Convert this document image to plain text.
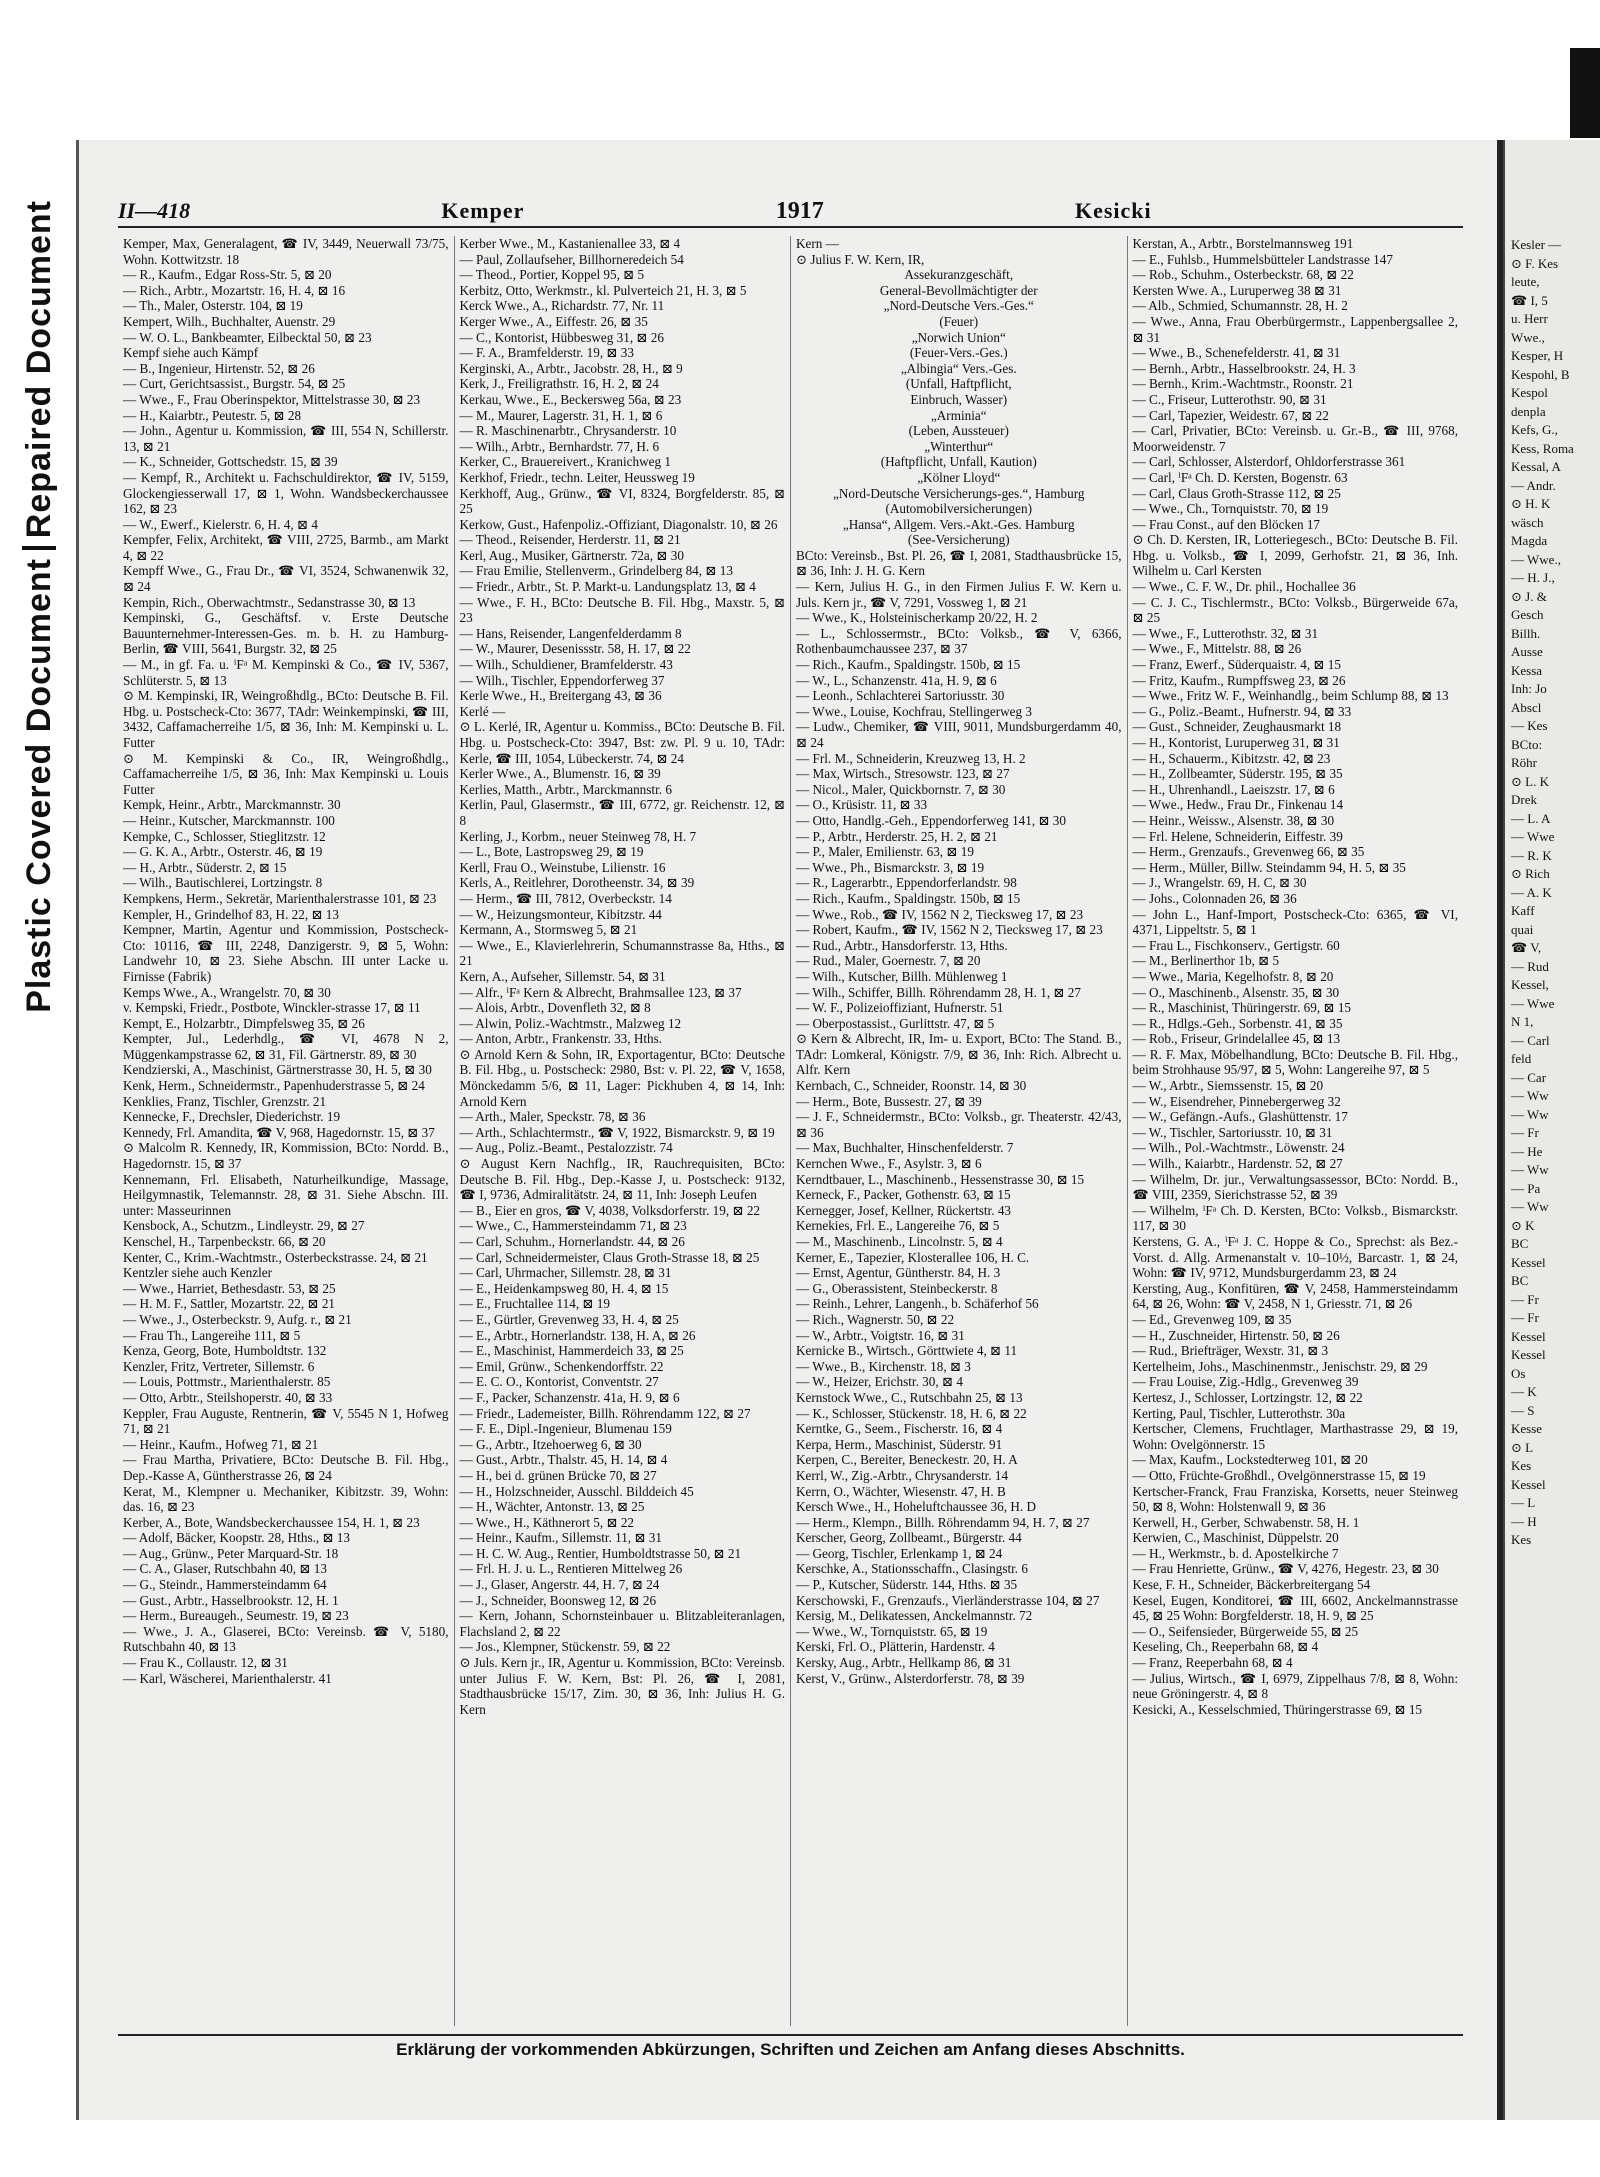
Repaired Document
Plastic Covered Document
Kesler —
⊙ F. Kes
leute,
☎ I, 5
u. Herr
Wwe.,
Kesper, H
Kespohl, B
Kespol
denpla
Kefs, G.,
Kess, Roma
Kessal, A
— Andr.
⊙ H. K
wäsch
Magda
— Wwe.,
— H. J.,
⊙ J. &
Gesch
Billh.
Ausse
Kessa
Inh: Jo
Abscl
— Kes
BCto:
Röhr
⊙ L. K
Drek
— L. A
— Wwe
— R. K
⊙ Rich
— A. K
Kaff
quai
☎ V,
— Rud
Kessel,
— Wwe
N 1,
— Carl
feld
— Car
— Ww
— Ww
— Fr
— He
— Ww
— Pa
— Ww
⊙ K
BC
Kessel
BC
— Fr
— Fr
Kessel
Kessel
Os
— K
— S
Kesse
⊙ L
Kes
Kessel
— L
— H
Kes
II—418	Kemper	1917	Kesicki
Kemper, Max, Generalagent, ☎ IV, 3449, Neuerwall 73/75, Wohn. Kottwitzstr. 18
— R., Kaufm., Edgar Ross-Str. 5, ⊠ 20
— Rich., Arbtr., Mozartstr. 16, H. 4, ⊠ 16
— Th., Maler, Osterstr. 104, ⊠ 19
Kempert, Wilh., Buchhalter, Auenstr. 29
— W. O. L., Bankbeamter, Eilbecktal 50, ⊠ 23
Kempf siehe auch Kämpf
— B., Ingenieur, Hirtenstr. 52, ⊠ 26
— Curt, Gerichtsassist., Burgstr. 54, ⊠ 25
— Wwe., F., Frau Oberinspektor, Mittelstrasse 30, ⊠ 23
— H., Kaiarbtr., Peutestr. 5, ⊠ 28
— John., Agentur u. Kommission, ☎ III, 554 N, Schillerstr. 13, ⊠ 21
— K., Schneider, Gottschedstr. 15, ⊠ 39
— Kempf, R., Architekt u. Fachschuldirektor, ☎ IV, 5159, Glockengiesserwall 17, ⊠ 1, Wohn. Wandsbeckerchaussee 162, ⊠ 23
— W., Ewerf., Kielerstr. 6, H. 4, ⊠ 4
Kempfer, Felix, Architekt, ☎ VIII, 2725, Barmb., am Markt 4, ⊠ 22
Kempff Wwe., G., Frau Dr., ☎ VI, 3524, Schwanenwik 32, ⊠ 24
Kempin, Rich., Oberwachtmstr., Sedanstrasse 30, ⊠ 13
Kempinski, G., Geschäftsf. v. Erste Deutsche Bauunternehmer-Interessen-Ges. m. b. H. zu Hamburg-Berlin, ☎ VIII, 5641, Burgstr. 32, ⊠ 25
— M., in gf. Fa. u. ⁱFᵃ M. Kempinski & Co., ☎ IV, 5367, Schlüterstr. 5, ⊠ 13
⊙ M. Kempinski, IR, Weingroßhdlg., BCto: Deutsche B. Fil. Hbg. u. Postscheck-Cto: 3677, TAdr: Weinkempinski, ☎ III, 3432, Caffamacherreihe 1/5, ⊠ 36, Inh: M. Kempinski u. L. Futter
⊙ M. Kempinski & Co., IR, Weingroßhdlg., Caffamacherreihe 1/5, ⊠ 36, Inh: Max Kempinski u. Louis Futter
Kempk, Heinr., Arbtr., Marckmannstr. 30
— Heinr., Kutscher, Marckmannstr. 100
Kempke, C., Schlosser, Stieglitzstr. 12
— G. K. A., Arbtr., Osterstr. 46, ⊠ 19
— H., Arbtr., Süderstr. 2, ⊠ 15
— Wilh., Bautischlerei, Lortzingstr. 8
Kempkens, Herm., Sekretär, Marienthalerstrasse 101, ⊠ 23
Kempler, H., Grindelhof 83, H. 22, ⊠ 13
Kempner, Martin, Agentur und Kommission, Postscheck-Cto: 10116, ☎ III, 2248, Danzigerstr. 9, ⊠ 5, Wohn: Landwehr 10, ⊠ 23. Siehe Abschn. III unter Lacke u. Firnisse (Fabrik)
Kemps Wwe., A., Wrangelstr. 70, ⊠ 30
v. Kempski, Friedr., Postbote, Winckler-strasse 17, ⊠ 11
Kempt, E., Holzarbtr., Dimpfelsweg 35, ⊠ 26
Kempter, Jul., Lederhdlg., ☎ VI, 4678 N 2, Müggenkampstrasse 62, ⊠ 31, Fil. Gärtnerstr. 89, ⊠ 30
Kendzierski, A., Maschinist, Gärtnerstrasse 30, H. 5, ⊠ 30
Kenk, Herm., Schneidermstr., Papenhuderstrasse 5, ⊠ 24
Kenklies, Franz, Tischler, Grenzstr. 21
Kennecke, F., Drechsler, Diederichstr. 19
Kennedy, Frl. Amandita, ☎ V, 968, Hagedornstr. 15, ⊠ 37
⊙ Malcolm R. Kennedy, IR, Kommission, BCto: Nordd. B., Hagedornstr. 15, ⊠ 37
Kennemann, Frl. Elisabeth, Naturheilkundige, Massage, Heilgymnastik, Telemannstr. 28, ⊠ 31. Siehe Abschn. III. unter: Masseurinnen
Kensbock, A., Schutzm., Lindleystr. 29, ⊠ 27
Kenschel, H., Tarpenbeckstr. 66, ⊠ 20
Kenter, C., Krim.-Wachtmstr., Osterbeckstrasse. 24, ⊠ 21
Kentzler siehe auch Kenzler
— Wwe., Harriet, Bethesdastr. 53, ⊠ 25
— H. M. F., Sattler, Mozartstr. 22, ⊠ 21
— Wwe., J., Osterbeckstr. 9, Aufg. r., ⊠ 21
— Frau Th., Langereihe 111, ⊠ 5
Kenza, Georg, Bote, Humboldtstr. 132
Kenzler, Fritz, Vertreter, Sillemstr. 6
— Louis, Pottmstr., Marienthalerstr. 85
— Otto, Arbtr., Steilshoperstr. 40, ⊠ 33
Keppler, Frau Auguste, Rentnerin, ☎ V, 5545 N 1, Hofweg 71, ⊠ 21
— Heinr., Kaufm., Hofweg 71, ⊠ 21
— Frau Martha, Privatiere, BCto: Deutsche B. Fil. Hbg., Dep.-Kasse A, Güntherstrasse 26, ⊠ 24
Kerat, M., Klempner u. Mechaniker, Kibitzstr. 39, Wohn: das. 16, ⊠ 23
Kerber, A., Bote, Wandsbeckerchaussee 154, H. 1, ⊠ 23
— Adolf, Bäcker, Koopstr. 28, Hths., ⊠ 13
— Aug., Grünw., Peter Marquard-Str. 18
— C. A., Glaser, Rutschbahn 40, ⊠ 13
— G., Steindr., Hammersteindamm 64
— Gust., Arbtr., Hasselbrookstr. 12, H. 1
— Herm., Bureaugeh., Seumestr. 19, ⊠ 23
— Wwe., J. A., Glaserei, BCto: Vereinsb. ☎ V, 5180, Rutschbahn 40, ⊠ 13
— Frau K., Collaustr. 12, ⊠ 31
— Karl, Wäscherei, Marienthalerstr. 41
Kerber Wwe., M., Kastanienallee 33, ⊠ 4
— Paul, Zollaufseher, Billhorneredeich 54
— Theod., Portier, Koppel 95, ⊠ 5
Kerbitz, Otto, Werkmstr., kl. Pulverteich 21, H. 3, ⊠ 5
Kerck Wwe., A., Richardstr. 77, Nr. 11
Kerger Wwe., A., Eiffestr. 26, ⊠ 35
— C., Kontorist, Hübbesweg 31, ⊠ 26
— F. A., Bramfelderstr. 19, ⊠ 33
Kerginski, A., Arbtr., Jacobstr. 28, H., ⊠ 9
Kerk, J., Freiligrathstr. 16, H. 2, ⊠ 24
Kerkau, Wwe., E., Beckersweg 56a, ⊠ 23
— M., Maurer, Lagerstr. 31, H. 1, ⊠ 6
— R. Maschinenarbtr., Chrysanderstr. 10
— Wilh., Arbtr., Bernhardstr. 77, H. 6
Kerker, C., Brauereivert., Kranichweg 1
Kerkhof, Friedr., techn. Leiter, Heussweg 19
Kerkhoff, Aug., Grünw., ☎ VI, 8324, Borgfelderstr. 85, ⊠ 25
Kerkow, Gust., Hafenpoliz.-Offiziant, Diagonalstr. 10, ⊠ 26
— Theod., Reisender, Herderstr. 11, ⊠ 21
Kerl, Aug., Musiker, Gärtnerstr. 72a, ⊠ 30
— Frau Emilie, Stellenverm., Grindelberg 84, ⊠ 13
— Friedr., Arbtr., St. P. Markt-u. Landungsplatz 13, ⊠ 4
— Wwe., F. H., BCto: Deutsche B. Fil. Hbg., Maxstr. 5, ⊠ 23
— Hans, Reisender, Langenfelderdamm 8
— W., Maurer, Desenissstr. 58, H. 17, ⊠ 22
— Wilh., Schuldiener, Bramfelderstr. 43
— Wilh., Tischler, Eppendorferweg 37
Kerle Wwe., H., Breitergang 43, ⊠ 36
Kerlé —
⊙ L. Kerlé, IR, Agentur u. Kommiss., BCto: Deutsche B. Fil. Hbg. u. Postscheck-Cto: 3947, Bst: zw. Pl. 9 u. 10, TAdr: Kerle, ☎ III, 1054, Lübeckerstr. 74, ⊠ 24
Kerler Wwe., A., Blumenstr. 16, ⊠ 39
Kerlies, Matth., Arbtr., Marckmannstr. 6
Kerlin, Paul, Glasermstr., ☎ III, 6772, gr. Reichenstr. 12, ⊠ 8
Kerling, J., Korbm., neuer Steinweg 78, H. 7
— L., Bote, Lastropsweg 29, ⊠ 19
Kerll, Frau O., Weinstube, Lilienstr. 16
Kerls, A., Reitlehrer, Dorotheenstr. 34, ⊠ 39
— Herm., ☎ III, 7812, Overbeckstr. 14
— W., Heizungsmonteur, Kibitzstr. 44
Kermann, A., Stormsweg 5, ⊠ 21
— Wwe., E., Klavierlehrerin, Schumannstrasse 8a, Hths., ⊠ 21
Kern, A., Aufseher, Sillemstr. 54, ⊠ 31
— Alfr., ⁱFᵃ Kern & Albrecht, Brahmsallee 123, ⊠ 37
— Alois, Arbtr., Dovenfleth 32, ⊠ 8
— Alwin, Poliz.-Wachtmstr., Malzweg 12
— Anton, Arbtr., Frankenstr. 33, Hths.
⊙ Arnold Kern & Sohn, IR, Exportagentur, BCto: Deutsche B. Fil. Hbg., u. Postscheck: 2980, Bst: v. Pl. 22, ☎ V, 1658, Mönckedamm 5/6, ⊠ 11, Lager: Pickhuben 4, ⊠ 14, Inh: Arnold Kern
— Arth., Maler, Speckstr. 78, ⊠ 36
— Arth., Schlachtermstr., ☎ V, 1922, Bismarckstr. 9, ⊠ 19
— Aug., Poliz.-Beamt., Pestalozzistr. 74
⊙ August Kern Nachflg., IR, Rauchrequisiten, BCto: Deutsche B. Fil. Hbg., Dep.-Kasse J, u. Postscheck: 9132, ☎ I, 9736, Admiralitätstr. 24, ⊠ 11, Inh: Joseph Leufen
— B., Eier en gros, ☎ V, 4038, Volksdorferstr. 19, ⊠ 22
— Wwe., C., Hammersteindamm 71, ⊠ 23
— Carl, Schuhm., Hornerlandstr. 44, ⊠ 26
— Carl, Schneidermeister, Claus Groth-Strasse 18, ⊠ 25
— Carl, Uhrmacher, Sillemstr. 28, ⊠ 31
— E., Heidenkampsweg 80, H. 4, ⊠ 15
— E., Fruchtallee 114, ⊠ 19
— E., Gürtler, Grevenweg 33, H. 4, ⊠ 25
— E., Arbtr., Hornerlandstr. 138, H. A, ⊠ 26
— E., Maschinist, Hammerdeich 33, ⊠ 25
— Emil, Grünw., Schenkendorffstr. 22
— E. C. O., Kontorist, Conventstr. 27
— F., Packer, Schanzenstr. 41a, H. 9, ⊠ 6
— Friedr., Lademeister, Billh. Röhrendamm 122, ⊠ 27
— F. E., Dipl.-Ingenieur, Blumenau 159
— G., Arbtr., Itzehoerweg 6, ⊠ 30
— Gust., Arbtr., Thalstr. 45, H. 14, ⊠ 4
— H., bei d. grünen Brücke 70, ⊠ 27
— H., Holzschneider, Ausschl. Bilddeich 45
— H., Wächter, Antonstr. 13, ⊠ 25
— Wwe., H., Käthnerort 5, ⊠ 22
— Heinr., Kaufm., Sillemstr. 11, ⊠ 31
— H. C. W. Aug., Rentier, Humboldtstrasse 50, ⊠ 21
— Frl. H. J. u. L., Rentieren Mittelweg 26
— J., Glaser, Angerstr. 44, H. 7, ⊠ 24
— J., Schneider, Boonsweg 12, ⊠ 26
— Kern, Johann, Schornsteinbauer u. Blitzableiteranlagen, Flachsland 2, ⊠ 22
— Jos., Klempner, Stückenstr. 59, ⊠ 22
⊙ Juls. Kern jr., IR, Agentur u. Kommission, BCto: Vereinsb. unter Julius F. W. Kern, Bst: Pl. 26, ☎ I, 2081, Stadthausbrücke 15/17, Zim. 30, ⊠ 36, Inh: Julius H. G. Kern
Kern —
⊙ Julius F. W. Kern, IR,
Assekuranzgeschäft,
General-Bevollmächtigter der
„Nord-Deutsche Vers.-Ges.“
(Feuer)
„Norwich Union“
(Feuer-Vers.-Ges.)
„Albingia“ Vers.-Ges.
(Unfall, Haftpflicht,
Einbruch, Wasser)
„Arminia“
(Leben, Aussteuer)
„Winterthur“
(Haftpflicht, Unfall, Kaution)
„Kölner Lloyd“
„Nord-Deutsche Versicherungs-ges.“, Hamburg
(Automobilversicherungen)
„Hansa“, Allgem. Vers.-Akt.-Ges. Hamburg
(See-Versicherung)
BCto: Vereinsb., Bst. Pl. 26, ☎ I, 2081, Stadthausbrücke 15, ⊠ 36, Inh: J. H. G. Kern
— Kern, Julius H. G., in den Firmen Julius F. W. Kern u. Juls. Kern jr., ☎ V, 7291, Vossweg 1, ⊠ 21
— Wwe., K., Holsteinischerkamp 20/22, H. 2
— L., Schlossermstr., BCto: Volksb., ☎ V, 6366, Rothenbaumchaussee 237, ⊠ 37
— Rich., Kaufm., Spaldingstr. 150b, ⊠ 15
— W., L., Schanzenstr. 41a, H. 9, ⊠ 6
— Leonh., Schlachterei Sartoriusstr. 30
— Wwe., Louise, Kochfrau, Stellingerweg 3
— Ludw., Chemiker, ☎ VIII, 9011, Mundsburgerdamm 40, ⊠ 24
— Frl. M., Schneiderin, Kreuzweg 13, H. 2
— Max, Wirtsch., Stresowstr. 123, ⊠ 27
— Nicol., Maler, Quickbornstr. 7, ⊠ 30
— O., Krüsistr. 11, ⊠ 33
— Otto, Handlg.-Geh., Eppendorferweg 141, ⊠ 30
— P., Arbtr., Herderstr. 25, H. 2, ⊠ 21
— P., Maler, Emilienstr. 63, ⊠ 19
— Wwe., Ph., Bismarckstr. 3, ⊠ 19
— R., Lagerarbtr., Eppendorferlandstr. 98
— Rich., Kaufm., Spaldingstr. 150b, ⊠ 15
— Wwe., Rob., ☎ IV, 1562 N 2, Tiecksweg 17, ⊠ 23
— Robert, Kaufm., ☎ IV, 1562 N 2, Tiecksweg 17, ⊠ 23
— Rud., Arbtr., Hansdorferstr. 13, Hths.
— Rud., Maler, Goernestr. 7, ⊠ 20
— Wilh., Kutscher, Billh. Mühlenweg 1
— Wilh., Schiffer, Billh. Röhrendamm 28, H. 1, ⊠ 27
— W. F., Polizeioffiziant, Hufnerstr. 51
— Oberpostassist., Gurlittstr. 47, ⊠ 5
⊙ Kern & Albrecht, IR, Im- u. Export, BCto: The Stand. B., TAdr: Lomkeral, Königstr. 7/9, ⊠ 36, Inh: Rich. Albrecht u. Alfr. Kern
Kernbach, C., Schneider, Roonstr. 14, ⊠ 30
— Herm., Bote, Bussestr. 27, ⊠ 39
— J. F., Schneidermstr., BCto: Volksb., gr. Theaterstr. 42/43, ⊠ 36
— Max, Buchhalter, Hinschenfelderstr. 7
Kernchen Wwe., F., Asylstr. 3, ⊠ 6
Kerndtbauer, L., Maschinenb., Hessenstrasse 30, ⊠ 15
Kerneck, F., Packer, Gothenstr. 63, ⊠ 15
Kernegger, Josef, Kellner, Rückertstr. 43
Kernekies, Frl. E., Langereihe 76, ⊠ 5
— M., Maschinenb., Lincolnstr. 5, ⊠ 4
Kerner, E., Tapezier, Klosterallee 106, H. C.
— Ernst, Agentur, Güntherstr. 84, H. 3
— G., Oberassistent, Steinbeckerstr. 8
— Reinh., Lehrer, Langenh., b. Schäferhof 56
— Rich., Wagnerstr. 50, ⊠ 22
— W., Arbtr., Voigtstr. 16, ⊠ 31
Kernicke B., Wirtsch., Görttwiete 4, ⊠ 11
— Wwe., B., Kirchenstr. 18, ⊠ 3
— W., Heizer, Erichstr. 30, ⊠ 4
Kernstock Wwe., C., Rutschbahn 25, ⊠ 13
— K., Schlosser, Stückenstr. 18, H. 6, ⊠ 22
Kerntke, G., Seem., Fischerstr. 16, ⊠ 4
Kerpa, Herm., Maschinist, Süderstr. 91
Kerpen, C., Bereiter, Beneckestr. 20, H. A
Kerrl, W., Zig.-Arbtr., Chrysanderstr. 14
Kerrn, O., Wächter, Wiesenstr. 47, H. B
Kersch Wwe., H., Hoheluftchaussee 36, H. D
— Herm., Klempn., Billh. Röhrendamm 94, H. 7, ⊠ 27
Kerscher, Georg, Zollbeamt., Bürgerstr. 44
— Georg, Tischler, Erlenkamp 1, ⊠ 24
Kerschke, A., Stationsschaffn., Clasingstr. 6
— P., Kutscher, Süderstr. 144, Hths. ⊠ 35
Kerschowski, F., Grenzaufs., Vierländerstrasse 104, ⊠ 27
Kersig, M., Delikatessen, Anckelmannstr. 72
— Wwe., W., Tornquiststr. 65, ⊠ 19
Kerski, Frl. O., Plätterin, Hardenstr. 4
Kersky, Aug., Arbtr., Hellkamp 86, ⊠ 31
Kerst, V., Grünw., Alsterdorferstr. 78, ⊠ 39
Kerstan, A., Arbtr., Borstelmannsweg 191
— E., Fuhlsb., Hummelsbütteler Landstrasse 147
— Rob., Schuhm., Osterbeckstr. 68, ⊠ 22
Kersten Wwe. A., Luruperweg 38 ⊠ 31
— Alb., Schmied, Schumannstr. 28, H. 2
— Wwe., Anna, Frau Oberbürgermstr., Lappenbergsallee 2, ⊠ 31
— Wwe., B., Schenefelderstr. 41, ⊠ 31
— Bernh., Arbtr., Hasselbrookstr. 24, H. 3
— Bernh., Krim.-Wachtmstr., Roonstr. 21
— C., Friseur, Lutterothstr. 90, ⊠ 31
— Carl, Tapezier, Weidestr. 67, ⊠ 22
— Carl, Privatier, BCto: Vereinsb. u. Gr.-B., ☎ III, 9768, Moorweidenstr. 7
— Carl, Schlosser, Alsterdorf, Ohldorferstrasse 361
— Carl, ⁱFᵃ Ch. D. Kersten, Bogenstr. 63
— Carl, Claus Groth-Strasse 112, ⊠ 25
— Wwe., Ch., Tornquiststr. 70, ⊠ 19
— Frau Const., auf den Blöcken 17
⊙ Ch. D. Kersten, IR, Lotteriegesch., BCto: Deutsche B. Fil. Hbg. u. Volksb., ☎ I, 2099, Gerhofstr. 21, ⊠ 36, Inh. Wilhelm u. Carl Kersten
— Wwe., C. F. W., Dr. phil., Hochallee 36
— C. J. C., Tischlermstr., BCto: Volksb., Bürgerweide 67a, ⊠ 25
— Wwe., F., Lutterothstr. 32, ⊠ 31
— Wwe., F., Mittelstr. 88, ⊠ 26
— Franz, Ewerf., Süderquaistr. 4, ⊠ 15
— Fritz, Kaufm., Rumpffsweg 23, ⊠ 26
— Wwe., Fritz W. F., Weinhandlg., beim Schlump 88, ⊠ 13
— G., Poliz.-Beamt., Hufnerstr. 94, ⊠ 33
— Gust., Schneider, Zeughausmarkt 18
— H., Kontorist, Luruperweg 31, ⊠ 31
— H., Schauerm., Kibitzstr. 42, ⊠ 23
— H., Zollbeamter, Süderstr. 195, ⊠ 35
— H., Uhrenhandl., Laeiszstr. 17, ⊠ 6
— Wwe., Hedw., Frau Dr., Finkenau 14
— Heinr., Weissw., Alsenstr. 38, ⊠ 30
— Frl. Helene, Schneiderin, Eiffestr. 39
— Herm., Grenzaufs., Grevenweg 66, ⊠ 35
— Herm., Müller, Billw. Steindamm 94, H. 5, ⊠ 35
— J., Wrangelstr. 69, H. C, ⊠ 30
— Johs., Colonnaden 26, ⊠ 36
— John L., Hanf-Import, Postscheck-Cto: 6365, ☎ VI, 4371, Lippeltstr. 5, ⊠ 1
— Frau L., Fischkonserv., Gertigstr. 60
— M., Berlinerthor 1b, ⊠ 5
— Wwe., Maria, Kegelhofstr. 8, ⊠ 20
— O., Maschinenb., Alsenstr. 35, ⊠ 30
— R., Maschinist, Thüringerstr. 69, ⊠ 15
— R., Hdlgs.-Geh., Sorbenstr. 41, ⊠ 35
— Rob., Friseur, Grindelallee 45, ⊠ 13
— R. F. Max, Möbelhandlung, BCto: Deutsche B. Fil. Hbg., beim Strohhause 95/97, ⊠ 5, Wohn: Langereihe 97, ⊠ 5
— W., Arbtr., Siemssenstr. 15, ⊠ 20
— W., Eisendreher, Pinnebergerweg 32
— W., Gefängn.-Aufs., Glashüttenstr. 17
— W., Tischler, Sartoriusstr. 10, ⊠ 31
— Wilh., Pol.-Wachtmstr., Löwenstr. 24
— Wilh., Kaiarbtr., Hardenstr. 52, ⊠ 27
— Wilhelm, Dr. jur., Verwaltungsassessor, BCto: Nordd. B., ☎ VIII, 2359, Sierichstrasse 52, ⊠ 39
— Wilhelm, ⁱFᵃ Ch. D. Kersten, BCto: Volksb., Bismarckstr. 117, ⊠ 30
Kerstens, G. A., ⁱFᵃ J. C. Hoppe & Co., Sprechst: als Bez.-Vorst. d. Allg. Armenanstalt v. 10–10½, Barcastr. 1, ⊠ 24, Wohn: ☎ IV, 9712, Mundsburgerdamm 23, ⊠ 24
Kersting, Aug., Konfitüren, ☎ V, 2458, Hammersteindamm 64, ⊠ 26, Wohn: ☎ V, 2458, N 1, Griesstr. 71, ⊠ 26
— Ed., Grevenweg 109, ⊠ 35
— H., Zuschneider, Hirtenstr. 50, ⊠ 26
— Rud., Briefträger, Wexstr. 31, ⊠ 3
Kertelheim, Johs., Maschinenmstr., Jenischstr. 29, ⊠ 29
— Frau Louise, Zig.-Hdlg., Grevenweg 39
Kertesz, J., Schlosser, Lortzingstr. 12, ⊠ 22
Kerting, Paul, Tischler, Lutterothstr. 30a
Kertscher, Clemens, Fruchtlager, Marthastrasse 29, ⊠ 19, Wohn: Ovelgönnerstr. 15
— Max, Kaufm., Lockstedterweg 101, ⊠ 20
— Otto, Früchte-Großhdl., Ovelgönnerstrasse 15, ⊠ 19
Kertscher-Franck, Frau Franziska, Korsetts, neuer Steinweg 50, ⊠ 8, Wohn: Holstenwall 9, ⊠ 36
Kerwell, H., Gerber, Schwabenstr. 58, H. 1
Kerwien, C., Maschinist, Düppelstr. 20
— H., Werkmstr., b. d. Apostelkirche 7
— Frau Henriette, Grünw., ☎ V, 4276, Hegestr. 23, ⊠ 30
Kese, F. H., Schneider, Bäckerbreitergang 54
Kesel, Eugen, Konditorei, ☎ III, 6602, Anckelmannstrasse 45, ⊠ 25 Wohn: Borgfelderstr. 18, H. 9, ⊠ 25
— O., Seifensieder, Bürgerweide 55, ⊠ 25
Keseling, Ch., Reeperbahn 68, ⊠ 4
— Franz, Reeperbahn 68, ⊠ 4
— Julius, Wirtsch., ☎ I, 6979, Zippelhaus 7/8, ⊠ 8, Wohn: neue Gröningerstr. 4, ⊠ 8
Kesicki, A., Kesselschmied, Thüringerstrasse 69, ⊠ 15
Erklärung der vorkommenden Abkürzungen, Schriften und Zeichen am Anfang dieses Abschnitts.
